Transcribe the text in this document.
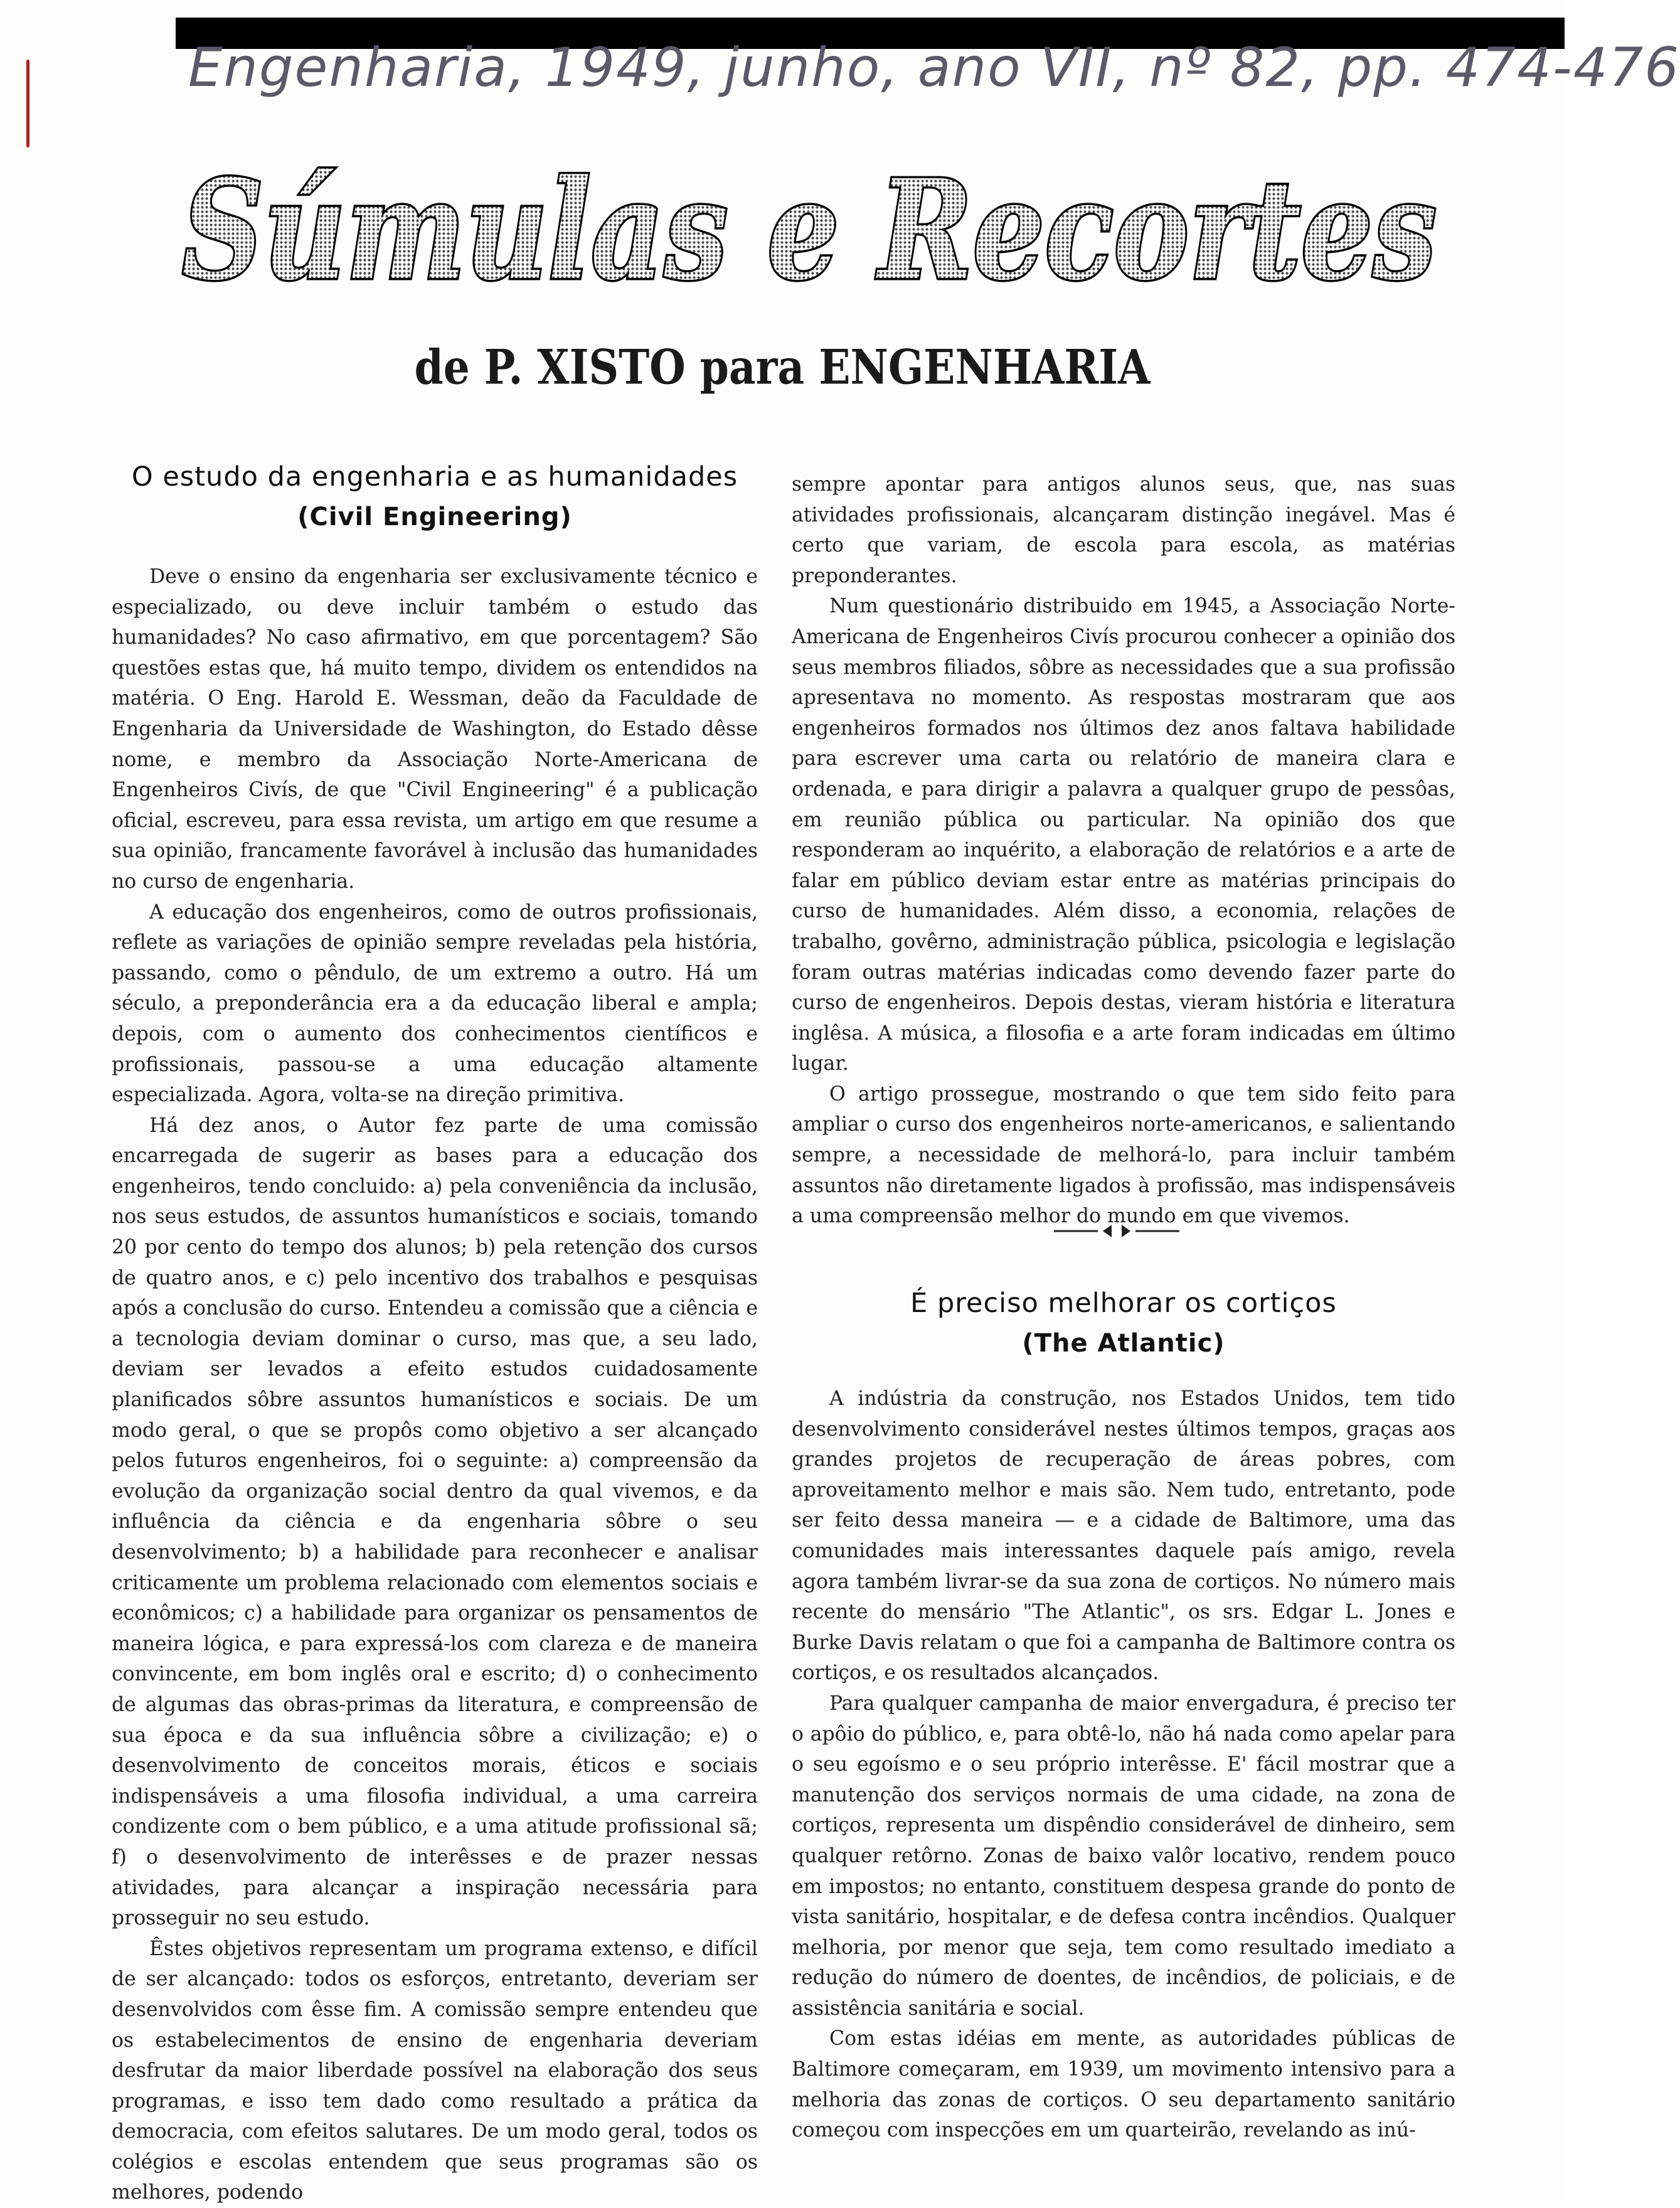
Engenharia, 1949, junho, ano VII, nº 82, pp. 474-476
Súmulas e Recortes
de P. XISTO para ENGENHARIA
O estudo da engenharia e as humanidades
(Civil Engineering)

Deve o ensino da engenharia ser exclusivamente técnico e especializado, ou deve incluir também o estudo das humanidades? No caso afirmativo, em que porcentagem? São questões estas que, há muito tempo, dividem os entendidos na matéria. O Eng. Harold E. Wessman, deão da Faculdade de Engenharia da Universidade de Washington, do Estado dêsse nome, e membro da Associação Norte-Americana de Engenheiros Civís, de que "Civil Engineering" é a publicação oficial, escreveu, para essa revista, um artigo em que resume a sua opinião, francamente favorável à inclusão das humanidades no curso de engenharia.

A educação dos engenheiros, como de outros profissionais, reflete as variações de opinião sempre reveladas pela história, passando, como o pêndulo, de um extremo a outro. Há um século, a preponderância era a da educação liberal e ampla; depois, com o aumento dos conhecimentos científicos e profissionais, passou-se a uma educação altamente especializada. Agora, volta-se na direção primitiva.

Há dez anos, o Autor fez parte de uma comissão encarregada de sugerir as bases para a educação dos engenheiros, tendo concluido: a) pela conveniência da inclusão, nos seus estudos, de assuntos humanísticos e sociais, tomando 20 por cento do tempo dos alunos; b) pela retenção dos cursos de quatro anos, e c) pelo incentivo dos trabalhos e pesquisas após a conclusão do curso. Entendeu a comissão que a ciência e a tecnologia deviam dominar o curso, mas que, a seu lado, deviam ser levados a efeito estudos cuidadosamente planificados sôbre assuntos humanísticos e sociais. De um modo geral, o que se propôs como objetivo a ser alcançado pelos futuros engenheiros, foi o seguinte: a) compreensão da evolução da organização social dentro da qual vivemos, e da influência da ciência e da engenharia sôbre o seu desenvolvimento; b) a habilidade para reconhecer e analisar criticamente um problema relacionado com elementos sociais e econômicos; c) a habilidade para organizar os pensamentos de maneira lógica, e para expressá-los com clareza e de maneira convincente, em bom inglês oral e escrito; d) o conhecimento de algumas das obras-primas da literatura, e compreensão de sua época e da sua influência sôbre a civilização; e) o desenvolvimento de conceitos morais, éticos e sociais indispensáveis a uma filosofia individual, a uma carreira condizente com o bem público, e a uma atitude profissional sã; f) o desenvolvimento de interêsses e de prazer nessas atividades, para alcançar a inspiração necessária para prosseguir no seu estudo.

Êstes objetivos representam um programa extenso, e difícil de ser alcançado: todos os esforços, entretanto, deveriam ser desenvolvidos com êsse fim. A comissão sempre entendeu que os estabelecimentos de ensino de engenharia deveriam desfrutar da maior liberdade possível na elaboração dos seus programas, e isso tem dado como resultado a prática da democracia, com efeitos salutares. De um modo geral, todos os colégios e escolas entendem que seus programas são os melhores, podendo

sempre apontar para antigos alunos seus, que, nas suas atividades profissionais, alcançaram distinção inegável. Mas é certo que variam, de escola para escola, as matérias preponderantes.

Num questionário distribuido em 1945, a Associação Norte-Americana de Engenheiros Civís procurou conhecer a opinião dos seus membros filiados, sôbre as necessidades que a sua profissão apresentava no momento. As respostas mostraram que aos engenheiros formados nos últimos dez anos faltava habilidade para escrever uma carta ou relatório de maneira clara e ordenada, e para dirigir a palavra a qualquer grupo de pessôas, em reunião pública ou particular. Na opinião dos que responderam ao inquérito, a elaboração de relatórios e a arte de falar em público deviam estar entre as matérias principais do curso de humanidades. Além disso, a economia, relações de trabalho, govêrno, administração pública, psicologia e legislação foram outras matérias indicadas como devendo fazer parte do curso de engenheiros. Depois destas, vieram história e literatura inglêsa. A música, a filosofia e a arte foram indicadas em último lugar.

O artigo prossegue, mostrando o que tem sido feito para ampliar o curso dos engenheiros norte-americanos, e salientando sempre, a necessidade de melhorá-lo, para incluir também assuntos não diretamente ligados à profissão, mas indispensáveis a uma compreensão melhor do mundo em que vivemos.

É preciso melhorar os cortiços
(The Atlantic)

A indústria da construção, nos Estados Unidos, tem tido desenvolvimento considerável nestes últimos tempos, graças aos grandes projetos de recuperação de áreas pobres, com aproveitamento melhor e mais são. Nem tudo, entretanto, pode ser feito dessa maneira — e a cidade de Baltimore, uma das comunidades mais interessantes daquele país amigo, revela agora também livrar-se da sua zona de cortiços. No número mais recente do mensário "The Atlantic", os srs. Edgar L. Jones e Burke Davis relatam o que foi a campanha de Baltimore contra os cortiços, e os resultados alcançados.

Para qualquer campanha de maior envergadura, é preciso ter o apôio do público, e, para obtê-lo, não há nada como apelar para o seu egoísmo e o seu próprio interêsse. E' fácil mostrar que a manutenção dos serviços normais de uma cidade, na zona de cortiços, representa um dispêndio considerável de dinheiro, sem qualquer retôrno. Zonas de baixo valôr locativo, rendem pouco em impostos; no entanto, constituem despesa grande do ponto de vista sanitário, hospitalar, e de defesa contra incêndios. Qualquer melhoria, por menor que seja, tem como resultado imediato a redução do número de doentes, de incêndios, de policiais, e de assistência sanitária e social.

Com estas idéias em mente, as autoridades públicas de Baltimore começaram, em 1939, um movimento intensivo para a melhoria das zonas de cortiços. O seu departamento sanitário começou com inspecções em um quarteirão, revelando as inú-
